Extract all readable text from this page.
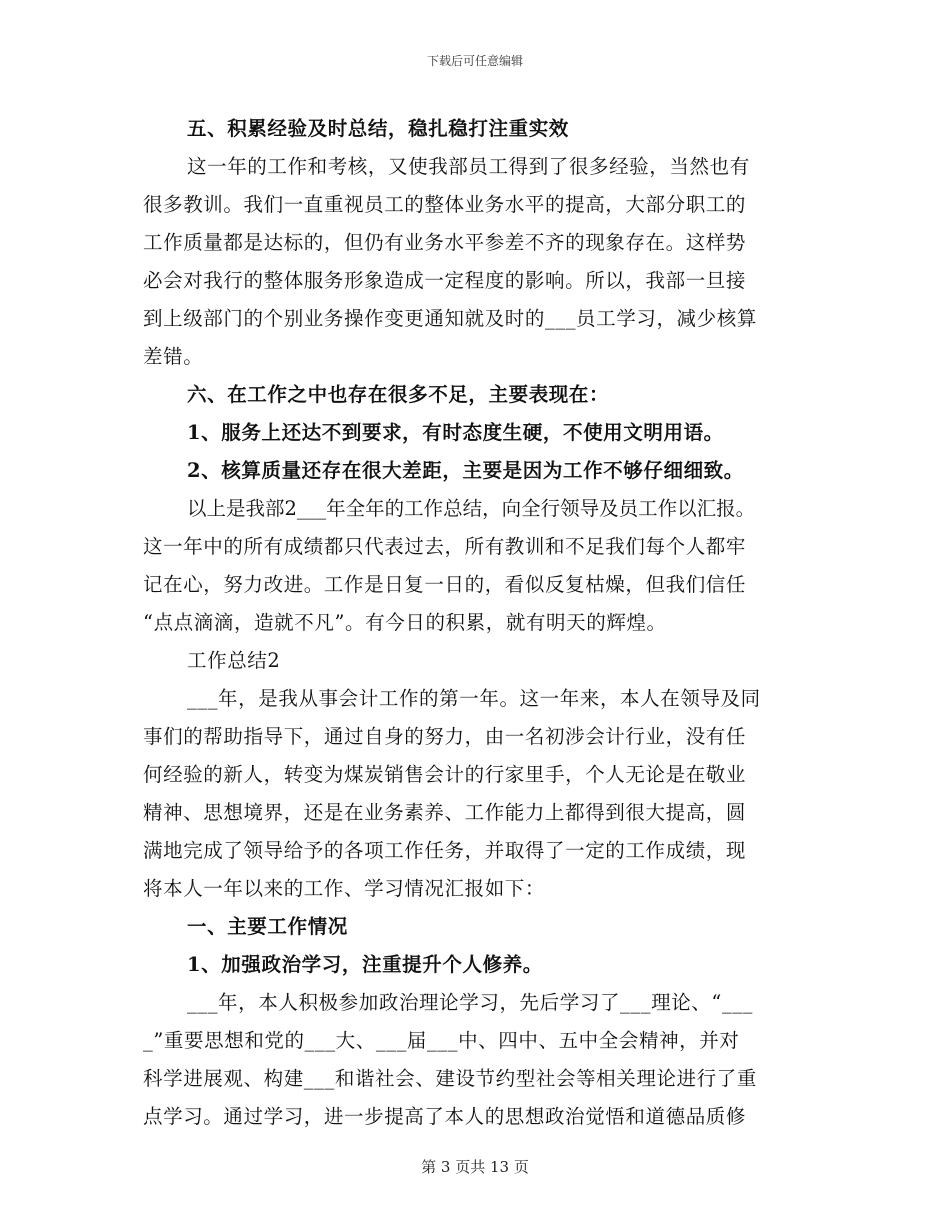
下载后可任意编辑
五、积累经验及时总结，稳扎稳打注重实效
这一年的工作和考核，又使我部员工得到了很多经验，当然也有
很多教训。我们一直重视员工的整体业务水平的提高，大部分职工的
工作质量都是达标的，但仍有业务水平参差不齐的现象存在。这样势
必会对我行的整体服务形象造成一定程度的影响。所以，我部一旦接
到上级部门的个别业务操作变更通知就及时的___员工学习，减少核算
差错。
六、在工作之中也存在很多不足，主要表现在：
1、服务上还达不到要求，有时态度生硬，不使用文明用语。
2、核算质量还存在很大差距，主要是因为工作不够仔细细致。
以上是我部2___年全年的工作总结，向全行领导及员工作以汇报。
这一年中的所有成绩都只代表过去，所有教训和不足我们每个人都牢
记在心，努力改进。工作是日复一日的，看似反复枯燥，但我们信任
“点点滴滴，造就不凡”。有今日的积累，就有明天的辉煌。
工作总结2
___年，是我从事会计工作的第一年。这一年来，本人在领导及同
事们的帮助指导下，通过自身的努力，由一名初涉会计行业，没有任
何经验的新人，转变为煤炭销售会计的行家里手，个人无论是在敬业
精神、思想境界，还是在业务素养、工作能力上都得到很大提高，圆
满地完成了领导给予的各项工作任务，并取得了一定的工作成绩，现
将本人一年以来的工作、学习情况汇报如下：
一、主要工作情况
1、加强政治学习，注重提升个人修养。
___年，本人积极参加政治理论学习，先后学习了___理论、“___
_”重要思想和党的___大、___届___中、四中、五中全会精神，并对
科学进展观、构建___和谐社会、建设节约型社会等相关理论进行了重
点学习。通过学习，进一步提高了本人的思想政治觉悟和道德品质修
第 3 页共 13 页
